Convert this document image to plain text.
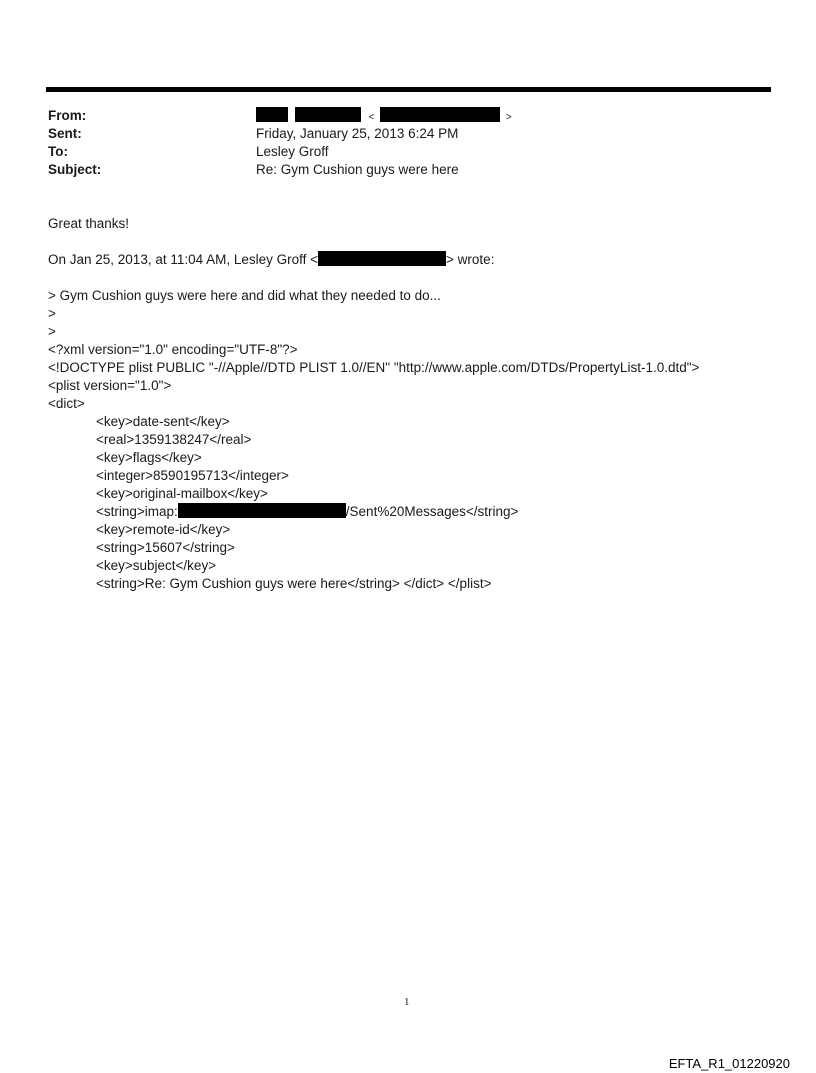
From:	<	>
Sent:	Friday, January 25, 2013 6:24 PM
To:	Lesley Groff
Subject:	Re: Gym Cushion guys were here

Great thanks!

On Jan 25, 2013, at 11:04 AM, Lesley Groff <	> wrote:

> Gym Cushion guys were here and did what they needed to do...

>

>

<?xml version="1.0" encoding="UTF-8"?>

<!DOCTYPE plist PUBLIC "-//Apple//DTD PLIST 1.0//EN" "http://www.apple.com/DTDs/PropertyList-1.0.dtd">

<plist version="1.0">

<dict>

<key>date-sent</key>

<real>1359138247</real>

<key>flags</key>

<integer>8590195713</integer>

<key>original-mailbox</key>

<string>imap:	/Sent%20Messages</string>

<key>remote-id</key>

<string>15607</string>

<key>subject</key>

<string>Re: Gym Cushion guys were here</string> </dict> </plist>

1
EFTA_R1_01220920
